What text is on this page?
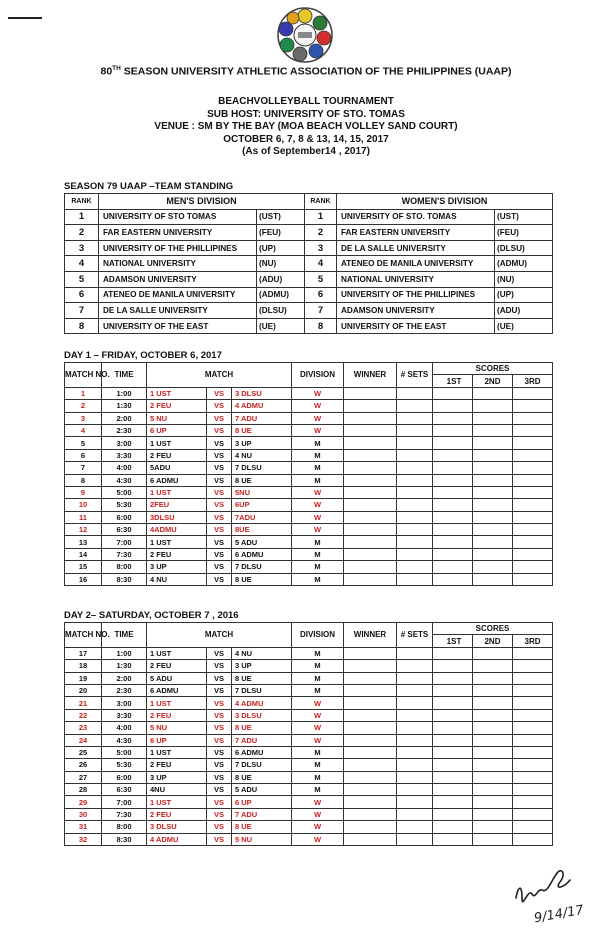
80TH SEASON UNIVERSITY ATHLETIC ASSOCIATION OF THE PHILIPPINES (UAAP)
BEACHVOLLEYBALL TOURNAMENT
SUB HOST: UNIVERSITY OF STO. TOMAS
VENUE : SM BY THE BAY (MOA BEACH VOLLEY SAND COURT)
OCTOBER 6, 7, 8 & 13, 14, 15, 2017
(As of September14 , 2017)
SEASON 79 UAAP –TEAM STANDING
RANK	MEN'S DIVISION		RANK	WOMEN'S DIVISION	
1	UNIVERSITY OF STO TOMAS	(UST)	1	UNIVERSITY OF STO. TOMAS	(UST)
2	FAR EASTERN UNIVERSITY	(FEU)	2	FAR EASTERN UNIVERSITY	(FEU)
3	UNIVERSITY OF THE PHILLIPINES	(UP)	3	DE LA SALLE UNIVERSITY	(DLSU)
4	NATIONAL UNIVERSITY	(NU)	4	ATENEO DE MANILA UNIVERSITY	(ADMU)
5	ADAMSON UNIVERSITY	(ADU)	5	NATIONAL UNIVERSITY	(NU)
6	ATENEO DE MANILA UNIVERSITY	(ADMU)	6	UNIVERSITY OF THE PHILLIPINES	(UP)
7	DE LA SALLE UNIVERSITY	(DLSU)	7	ADAMSON UNIVERSITY	(ADU)
8	UNIVERSITY OF THE EAST	(UE)	8	UNIVERSITY OF THE EAST	(UE)
DAY 1 – FRIDAY, OCTOBER 6, 2017
MATCH NO.	TIME	MATCH			DIVISION	WINNER	# SETS	SCORES		
								1ST	2ND	3RD
1	1:00	1 UST	VS	3 DLSU	W					
2	1:30	2 FEU	VS	4 ADMU	W					
3	2:00	5 NU	VS	7 ADU	W					
4	2:30	6 UP	VS	8 UE	W					
5	3:00	1 UST	VS	3 UP	M					
6	3:30	2 FEU	VS	4 NU	M					
7	4:00	5ADU	VS	7 DLSU	M					
8	4:30	6 ADMU	VS	8 UE	M					
9	5:00	1 UST	VS	5NU	W					
10	5:30	2FEU	VS	6UP	W					
11	6:00	3DLSU	VS	7ADU	W					
12	6:30	4ADMU	VS	8UE	W					
13	7:00	1 UST	VS	5 ADU	M					
14	7:30	2 FEU	VS	6 ADMU	M					
15	8:00	3 UP	VS	7 DLSU	M					
16	8:30	4 NU	VS	8 UE	M					
DAY 2– SATURDAY, OCTOBER 7 , 2016
MATCH NO.	TIME	MATCH			DIVISION	WINNER	# SETS	SCORES		
								1ST	2ND	3RD
17	1:00	1 UST	VS	4 NU	M					
18	1:30	2 FEU	VS	3 UP	M					
19	2:00	5 ADU	VS	8 UE	M					
20	2:30	6 ADMU	VS	7 DLSU	M					
21	3:00	1 UST	VS	4 ADMU	W					
22	3:30	2 FEU	VS	3 DLSU	W					
23	4:00	5 NU	VS	8 UE	W					
24	4:30	6 UP	VS	7 ADU	W					
25	5:00	1 UST	VS	6 ADMU	M					
26	5:30	2 FEU	VS	7 DLSU	M					
27	6:00	3 UP	VS	8 UE	M					
28	6:30	4NU	VS	5 ADU	M					
29	7:00	1 UST	VS	6 UP	W					
30	7:30	2 FEU	VS	7 ADU	W					
31	8:00	3 DLSU	VS	8 UE	W					
32	8:30	4 ADMU	VS	5 NU	W					
9/14/17
